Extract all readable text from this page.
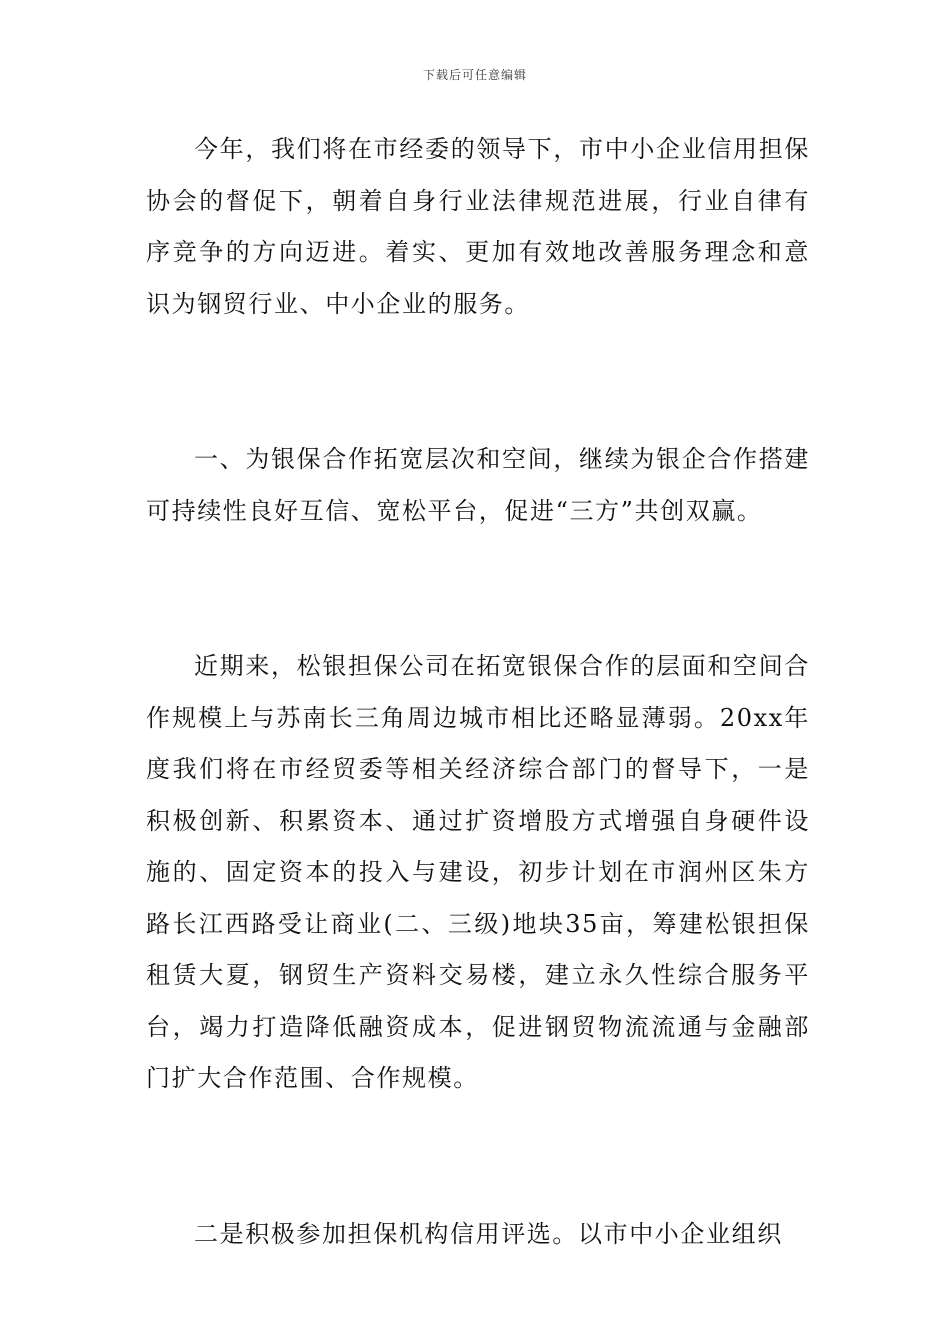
下载后可任意编辑

今年，我们将在市经委的领导下，市中小企业信用担保协会的督促下，朝着自身行业法律规范进展，行业自律有序竞争的方向迈进。着实、更加有效地改善服务理念和意识为钢贸行业、中小企业的服务。

一、为银保合作拓宽层次和空间，继续为银企合作搭建可持续性良好互信、宽松平台，促进“三方”共创双赢。

近期来，松银担保公司在拓宽银保合作的层面和空间合作规模上与苏南长三角周边城市相比还略显薄弱。20xx年度我们将在市经贸委等相关经济综合部门的督导下，一是积极创新、积累资本、通过扩资增股方式增强自身硬件设施的、固定资本的投入与建设，初步计划在市润州区朱方路长江西路受让商业(二、三级)地块35亩，筹建松银担保租赁大夏，钢贸生产资料交易楼，建立永久性综合服务平台，竭力打造降低融资成本，促进钢贸物流流通与金融部门扩大合作范围、合作规模。

二是积极参加担保机构信用评选。以市中小企业组织
